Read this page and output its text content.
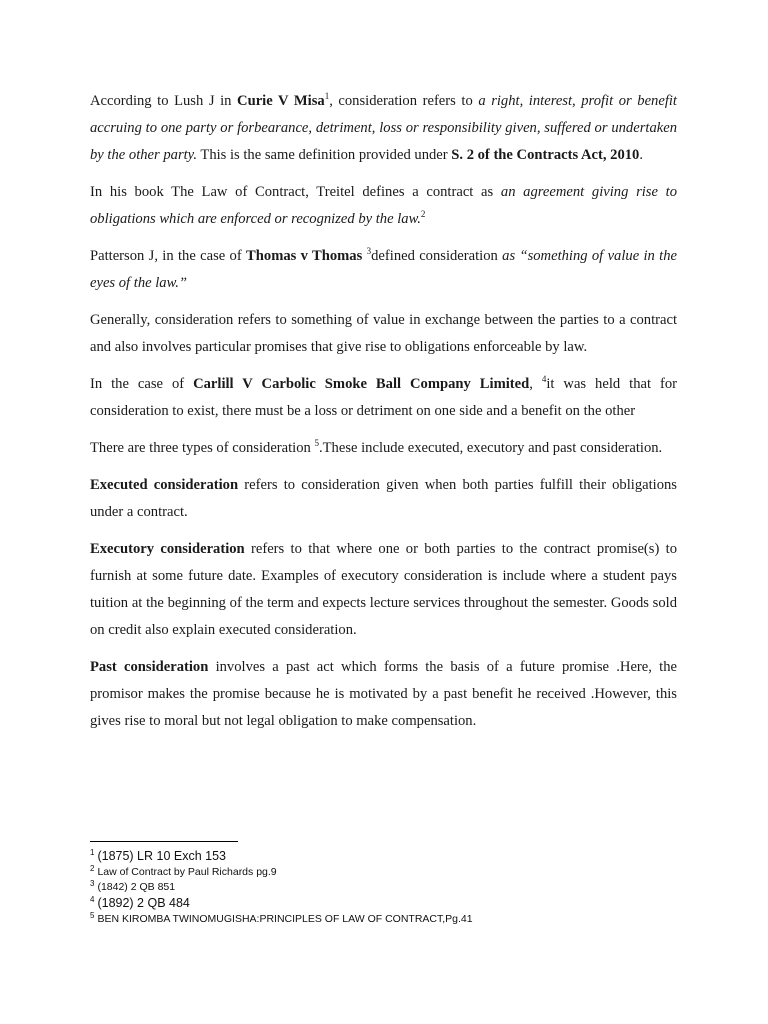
According to Lush J in Curie V Misa$^1$, consideration refers to a right, interest, profit or benefit accruing to one party or forbearance, detriment, loss or responsibility given, suffered or undertaken by the other party. This is the same definition provided under S. 2 of the Contracts Act, 2010.

In his book The Law of Contract, Treitel defines a contract as an agreement giving rise to obligations which are enforced or recognized by the law.$^2$

Patterson J, in the case of Thomas v Thomas $^3$defined consideration as “something of value in the eyes of the law.”

Generally, consideration refers to something of value in exchange between the parties to a contract and also involves particular promises that give rise to obligations enforceable by law.

In the case of Carlill V Carbolic Smoke Ball Company Limited, $^4$it was held that for consideration to exist, there must be a loss or detriment on one side and a benefit on the other

There are three types of consideration $^5$.These include executed, executory and past consideration.

Executed consideration refers to consideration given when both parties fulfill their obligations under a contract.

Executory consideration refers to that where one or both parties to the contract promise(s) to furnish at some future date. Examples of executory consideration is include where a student pays tuition at the beginning of the term and expects lecture services throughout the semester. Goods sold on credit also explain executed consideration.

Past consideration involves a past act which forms the basis of a future promise .Here, the promisor makes the promise because he is motivated by a past benefit he received .However, this gives rise to moral but not legal obligation to make compensation.

$^1$ (1875) LR 10 Exch 153
$^2$ Law of Contract by Paul Richards pg.9
$^3$ (1842) 2 QB 851
$^4$ (1892) 2 QB 484
$^5$ BEN KIROMBA TWINOMUGISHA:PRINCIPLES OF LAW OF CONTRACT,Pg.41
